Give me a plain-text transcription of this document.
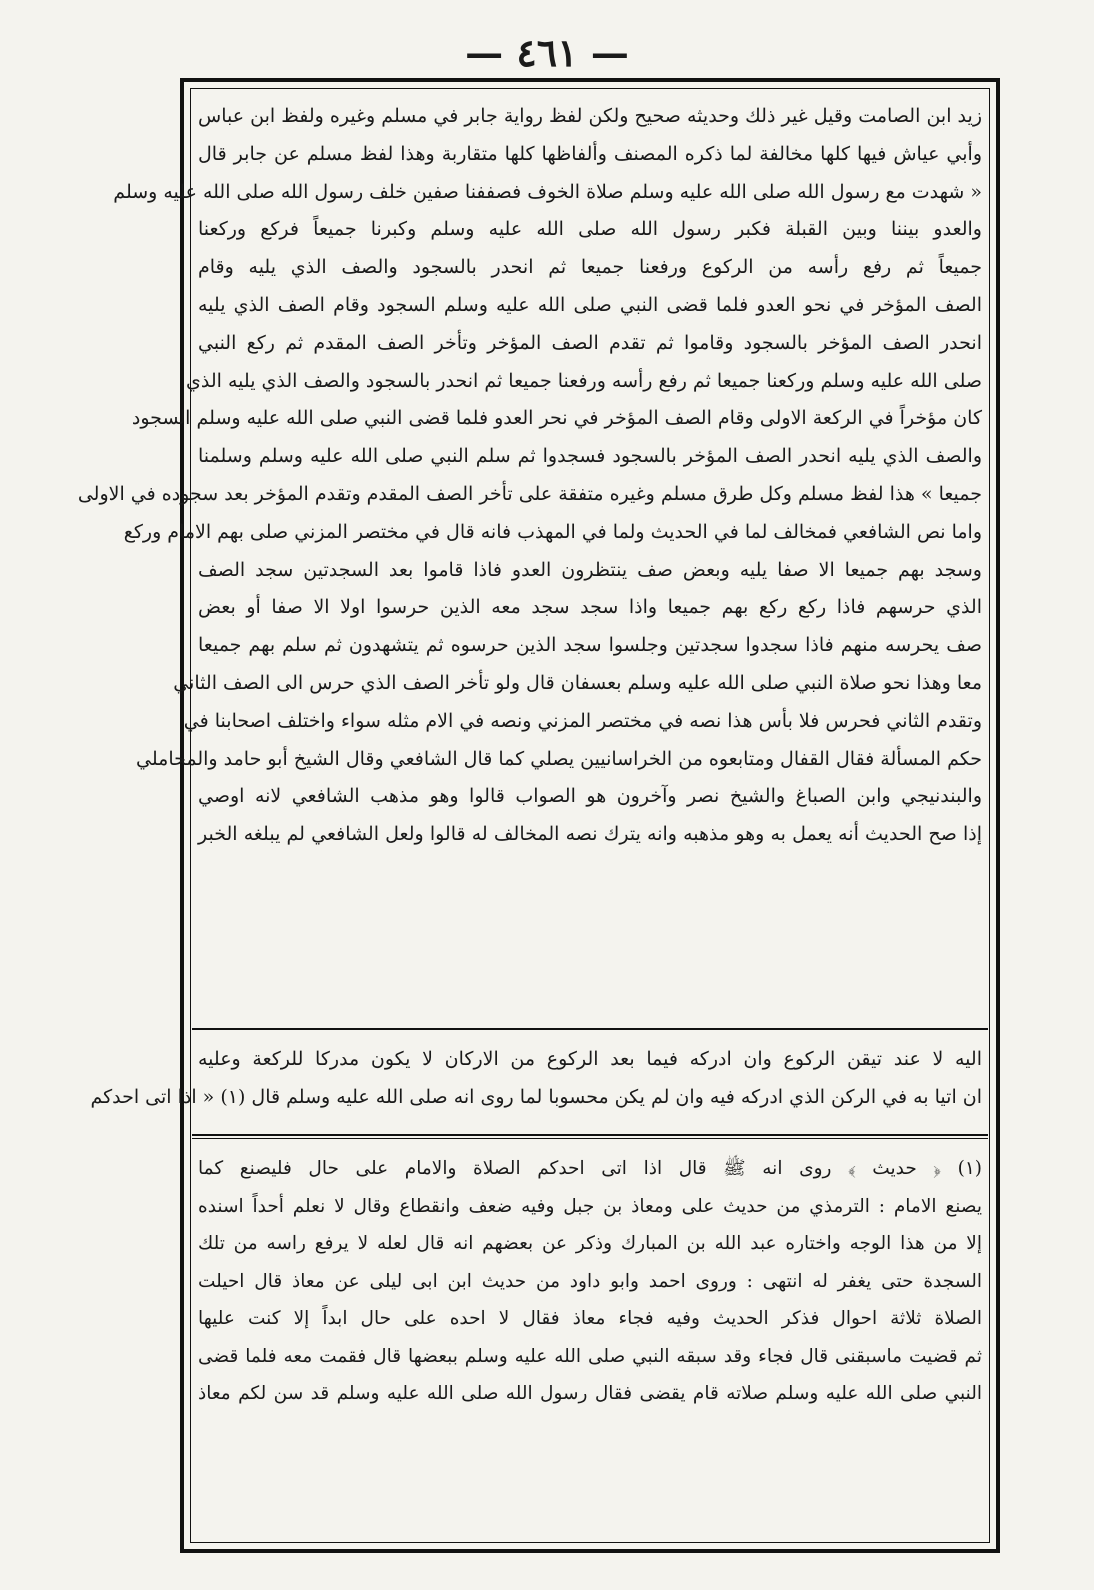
— ٤٦١ —

زيد ابن الصامت وقيل غير ذلك وحديثه صحيح ولكن لفظ رواية جابر في مسلم وغيره ولفظ ابن عباس

وأبي عياش فيها كلها مخالفة لما ذكره المصنف وألفاظها كلها متقاربة وهذا لفظ مسلم عن جابر قال

« شهدت مع رسول الله صلى الله عليه وسلم صلاة الخوف فصففنا صفين خلف رسول الله صلى الله عليه وسلم

والعدو بيننا وبين القبلة فكبر رسول الله صلى الله عليه وسلم وكبرنا جميعاً فركع وركعنا

جميعاً ثم رفع رأسه من الركوع ورفعنا جميعا ثم انحدر بالسجود والصف الذي يليه وقام

الصف المؤخر في نحو العدو فلما قضى النبي صلى الله عليه وسلم السجود وقام الصف الذي يليه

انحدر الصف المؤخر بالسجود وقاموا ثم تقدم الصف المؤخر وتأخر الصف المقدم ثم ركع النبي

صلى الله عليه وسلم وركعنا جميعا ثم رفع رأسه ورفعنا جميعا ثم انحدر بالسجود والصف الذي يليه الذي

كان مؤخراً في الركعة الاولى وقام الصف المؤخر في نحر العدو فلما قضى النبي صلى الله عليه وسلم السجود

والصف الذي يليه انحدر الصف المؤخر بالسجود فسجدوا ثم سلم النبي صلى الله عليه وسلم وسلمنا

جميعا » هذا لفظ مسلم وكل طرق مسلم وغيره متفقة على تأخر الصف المقدم وتقدم المؤخر بعد سجوده في الاولى

واما نص الشافعي فمخالف لما في الحديث ولما في المهذب فانه قال في مختصر المزني صلى بهم الامام وركع

وسجد بهم جميعا الا صفا يليه وبعض صف ينتظرون العدو فاذا قاموا بعد السجدتين سجد الصف

الذي حرسهم فاذا ركع ركع بهم جميعا واذا سجد سجد معه الذين حرسوا اولا الا صفا أو بعض

صف يحرسه منهم فاذا سجدوا سجدتين وجلسوا سجد الذين حرسوه ثم يتشهدون ثم سلم بهم جميعا

معا وهذا نحو صلاة النبي صلى الله عليه وسلم بعسفان قال ولو تأخر الصف الذي حرس الى الصف الثاني

وتقدم الثاني فحرس فلا بأس هذا نصه في مختصر المزني ونصه في الام مثله سواء واختلف اصحابنا في

حكم المسألة فقال القفال ومتابعوه من الخراسانيين يصلي كما قال الشافعي وقال الشيخ أبو حامد والمحاملي

والبندنيجي وابن الصباغ والشيخ نصر وآخرون هو الصواب قالوا وهو مذهب الشافعي لانه اوصي

إذا صح الحديث أنه يعمل به وهو مذهبه وانه يترك نصه المخالف له قالوا ولعل الشافعي لم يبلغه الخبر

اليه لا عند تيقن الركوع وان ادركه فيما بعد الركوع من الاركان لا يكون مدركا للركعة وعليه

ان اتيا به في الركن الذي ادركه فيه وان لم يكن محسوبا لما روى انه صلى الله عليه وسلم قال (١) « اذا اتى احدكم

(١) ﴿ حديث ﴾ روى انه ﷺ قال اذا اتى احدكم الصلاة والامام على حال فليصنع كما

يصنع الامام : الترمذي من حديث على ومعاذ بن جبل وفيه ضعف وانقطاع وقال لا نعلم أحداً اسنده

إلا من هذا الوجه واختاره عبد الله بن المبارك وذكر عن بعضهم انه قال لعله لا يرفع راسه من تلك

السجدة حتى يغفر له انتهى : وروى احمد وابو داود من حديث ابن ابى ليلى عن معاذ قال احيلت

الصلاة ثلاثة احوال فذكر الحديث وفيه فجاء معاذ فقال لا احده على حال ابداً إلا كنت عليها

ثم قضيت ماسبقنى قال فجاء وقد سبقه النبي صلى الله عليه وسلم ببعضها قال فقمت معه فلما قضى

النبي صلى الله عليه وسلم صلاته قام يقضى فقال رسول الله صلى الله عليه وسلم قد سن لكم معاذ
